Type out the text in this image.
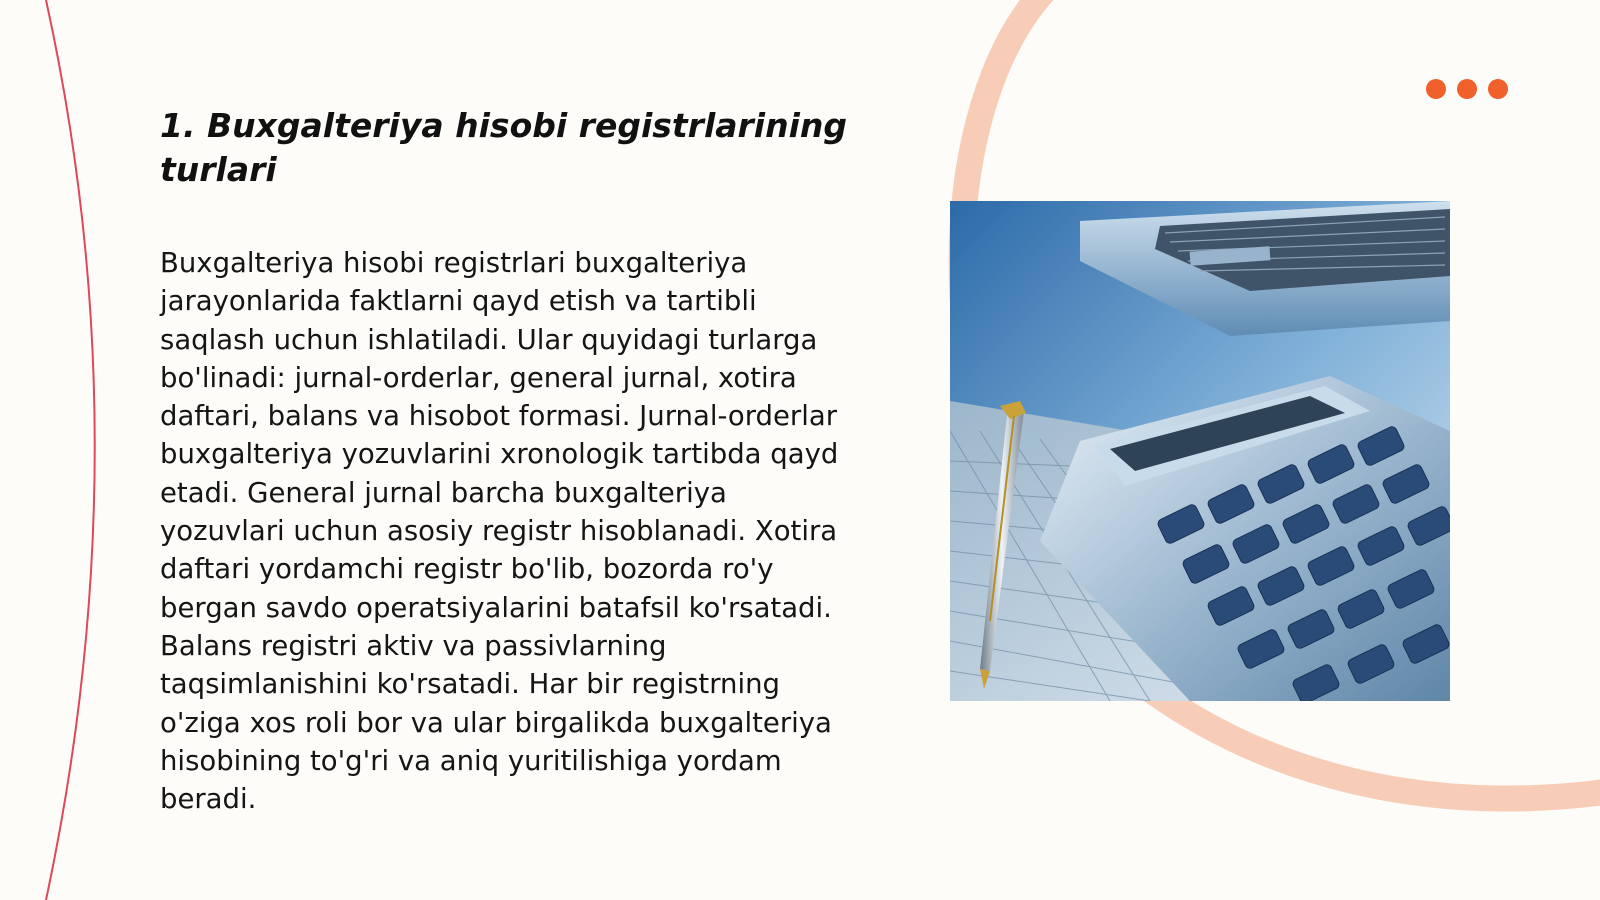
1. Buxgalteriya hisobi registrlarining turlari

Buxgalteriya hisobi registrlari buxgalteriya jarayonlarida faktlarni qayd etish va tartibli saqlash uchun ishlatiladi. Ular quyidagi turlarga bo'linadi: jurnal-orderlar, general jurnal, xotira daftari, balans va hisobot formasi. Jurnal-orderlar buxgalteriya yozuvlarini xronologik tartibda qayd etadi. General jurnal barcha buxgalteriya yozuvlari uchun asosiy registr hisoblanadi. Xotira daftari yordamchi registr bo'lib, bozorda ro'y bergan savdo operatsiyalarini batafsil ko'rsatadi. Balans registri aktiv va passivlarning taqsimlanishini ko'rsatadi. Har bir registrning o'ziga xos roli bor va ular birgalikda buxgalteriya hisobining to'g'ri va aniq yuritilishiga yordam beradi.
